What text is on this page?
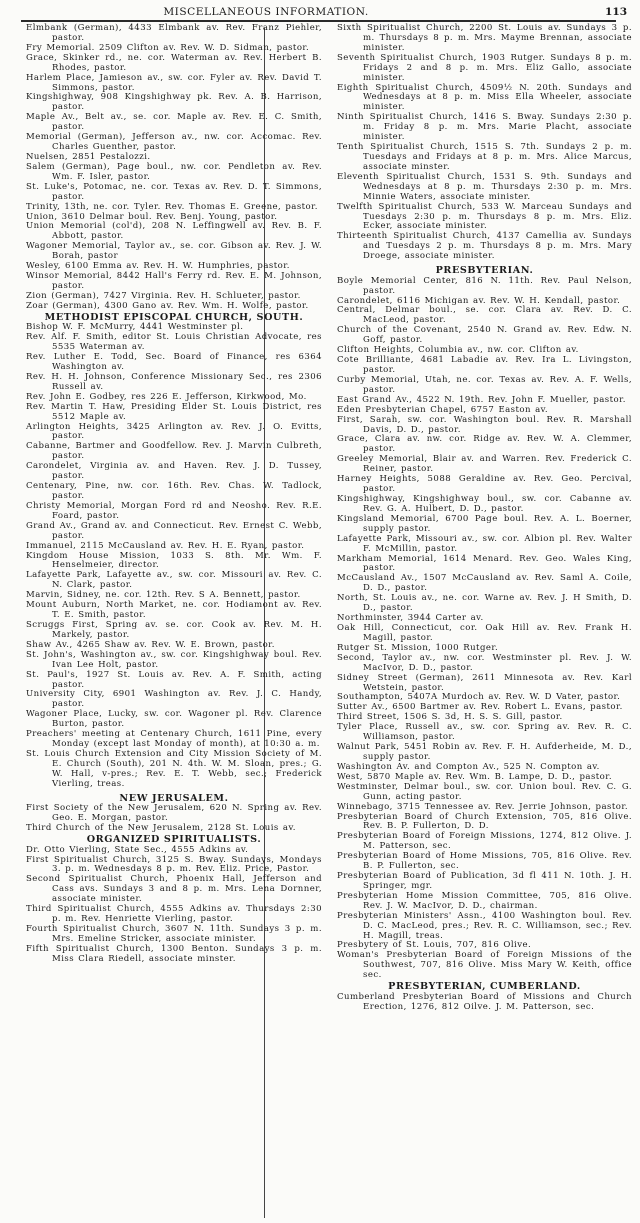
MISCELLANEOUS INFORMATION.	113

Elmbank (German), 4433 Elmbank av. Rev. Franz Piehler, pastor.

Fry Memorial. 2509 Clifton av. Rev. W. D. Sidman, pastor.

Grace, Skinker rd., ne. cor. Waterman av. Rev. Herbert B. Rhodes, pastor.

Harlem Place, Jamieson av., sw. cor. Fyler av. Rev. David T. Simmons, pastor.

Kingshighway, 908 Kingshighway pk. Rev. A. B. Harrison, pastor.

Maple Av., Belt av., se. cor. Maple av. Rev. E. C. Smith, pastor.

Memorial (German), Jefferson av., nw. cor. Accomac. Rev. Charles Guenther, pastor.

Nuelsen, 2851 Pestalozzi.

Salem (German), Page boul., nw. cor. Pendleton av. Rev. Wm. F. Isler, pastor.

St. Luke's, Potomac, ne. cor. Texas av. Rev. D. T. Simmons, pastor.

Trinity, 13th, ne. cor. Tyler. Rev. Thomas E. Greene, pastor.

Union, 3610 Delmar boul. Rev. Benj. Young, pastor.

Union Memorial (col'd), 208 N. Leffingwell av. Rev. B. F. Abbott, pastor.

Wagoner Memorial, Taylor av., se. cor. Gibson av. Rev. J. W. Borah, pastor

Wesley, 6100 Emma av. Rev. H. W. Humphries, pastor.

Winsor Memorial, 8442 Hall's Ferry rd. Rev. E. M. Johnson, pastor.

Zion (German), 7427 Virginia. Rev. H. Schlueter, pastor.

Zoar (German), 4300 Gano av. Rev. Wm. H. Wolfe, pastor.

METHODIST EPISCOPAL CHURCH, SOUTH.

Bishop W. F. McMurry, 4441 Westminster pl.

Rev. Alf. F. Smith, editor St. Louis Christian Advocate, res 5535 Waterman av.

Rev. Luther E. Todd, Sec. Board of Finance, res 6364 Washington av.

Rev. H. H. Johnson, Conference Missionary Sec., res 2306 Russell av.

Rev. John E. Godbey, res 226 E. Jefferson, Kirkwood, Mo.

Rev. Martin T. Haw, Presiding Elder St. Louis District, res 5512 Maple av.

Arlington Heights, 3425 Arlington av. Rev. J. O. Evitts, pastor.

Cabanne, Bartmer and Goodfellow. Rev. J. Marvin Culbreth, pastor.

Carondelet, Virginia av. and Haven. Rev. J. D. Tussey, pastor.

Centenary, Pine, nw. cor. 16th. Rev. Chas. W. Tadlock, pastor.

Christy Memorial, Morgan Ford rd and Neosho. Rev. R.E. Foard, pastor.

Grand Av., Grand av. and Connecticut. Rev. Ernest C. Webb, pastor.

Immanuel, 2115 McCausland av. Rev. H. E. Ryan, pastor.

Kingdom House Mission, 1033 S. 8th. Mr. Wm. F. Henselmeier, director.

Lafayette Park, Lafayette av., sw. cor. Missouri av. Rev. C. N. Clark, pastor.

Marvin, Sidney, ne. cor. 12th. Rev. S A. Bennett, pastor.

Mount Auburn, North Market, ne. cor. Hodiamont av. Rev. T. E. Smith, pastor.

Scruggs First, Spring av. se. cor. Cook av. Rev. M. H. Markely, pastor.

Shaw Av., 4265 Shaw av. Rev. W. E. Brown, pastor.

St. John's, Washington av., sw. cor. Kingshighway boul. Rev. Ivan Lee Holt, pastor.

St. Paul's, 1927 St. Louis av. Rev. A. F. Smith, acting pastor.

University City, 6901 Washington av. Rev. J. C. Handy, pastor.

Wagoner Place, Lucky, sw. cor. Wagoner pl. Rev. Clarence Burton, pastor.

Preachers' meeting at Centenary Church, 1611 Pine, every Monday (except last Monday of month), at 10:30 a. m.

St. Louis Church Extension and City Mission Society of M. E. Church (South), 201 N. 4th. W. M. Sloan, pres.; G. W. Hall, v-pres.; Rev. E. T. Webb, sec.; Frederick Vierling, treas.

NEW JERUSALEM.

First Society of the New Jerusalem, 620 N. Spring av. Rev. Geo. E. Morgan, pastor.

Third Church of the New Jerusalem, 2128 St. Louis av.

ORGANIZED SPIRITUALISTS.

Dr. Otto Vierling, State Sec., 4555 Adkins av.

First Spiritualist Church, 3125 S. Bway. Sundays, Mondays 3. p. m. Wednesdays 8 p. m. Rev. Eliz. Price, Pastor.

Second Spiritualist Church, Phoenix Hall, Jefferson and Cass avs. Sundays 3 and 8 p. m. Mrs. Lena Dornner, associate minister.

Third Spiritualist Church, 4555 Adkins av. Thursdays 2:30 p. m. Rev. Henriette Vierling, pastor.

Fourth Spiritualist Church, 3607 N. 11th. Sundays 3 p. m. Mrs. Emeline Stricker, associate minister.

Fifth Spiritualist Church, 1300 Benton. Sundays 3 p. m. Miss Clara Riedell, associate minster.

Sixth Spiritualist Church, 2200 St. Louis av. Sundays 3 p. m. Thursdays 8 p. m. Mrs. Mayme Brennan, associate minister.

Seventh Spiritualist Church, 1903 Rutger. Sundays 8 p. m. Fridays 2 and 8 p. m. Mrs. Eliz Gallo, associate minister.

Eighth Spiritualist Church, 4509½ N. 20th. Sundays and Wednesdays at 8 p. m. Miss Ella Wheeler, associate minister.

Ninth Spiritualist Church, 1416 S. Bway. Sundays 2:30 p. m. Friday 8 p. m. Mrs. Marie Placht, associate minister.

Tenth Spiritualist Church, 1515 S. 7th. Sundays 2 p. m. Tuesdays and Fridays at 8 p. m. Mrs. Alice Marcus, associate minster.

Eleventh Spiritualist Church, 1531 S. 9th. Sundays and Wednesdays at 8 p. m. Thursdays 2:30 p. m. Mrs. Minnie Waters, associate minister.

Twelfth Spiritualist Church, 533 W. Marceau Sundays and Tuesdays 2:30 p. m. Thursdays 8 p. m. Mrs. Eliz. Ecker, associate minister.

Thirteenth Spiritualist Church, 4137 Camellia av. Sundays and Tuesdays 2 p. m. Thursdays 8 p. m. Mrs. Mary Droege, associate minister.

PRESBYTERIAN.

Boyle Memorial Center, 816 N. 11th. Rev. Paul Nelson, pastor.

Carondelet, 6116 Michigan av. Rev. W. H. Kendall, pastor.

Central, Delmar boul., se. cor. Clara av. Rev. D. C. MacLeod, pastor.

Church of the Covenant, 2540 N. Grand av. Rev. Edw. N. Goff, pastor.

Clifton Heights, Columbia av., nw. cor. Clifton av.

Cote Brilliante, 4681 Labadie av. Rev. Ira L. Livingston, pastor.

Curby Memorial, Utah, ne. cor. Texas av. Rev. A. F. Wells, pastor.

East Grand Av., 4522 N. 19th. Rev. John F. Mueller, pastor.

Eden Presbyterian Chapel, 6757 Easton av.

First, Sarah, sw. cor. Washington boul. Rev. R. Marshall Davis, D. D., pastor.

Grace, Clara av. nw. cor. Ridge av. Rev. W. A. Clemmer, pastor.

Greeley Memorial, Blair av. and Warren. Rev. Frederick C. Reiner, pastor.

Harney Heights, 5088 Geraldine av. Rev. Geo. Percival, pastor.

Kingshighway, Kingshighway boul., sw. cor. Cabanne av. Rev. G. A. Hulbert, D. D., pastor.

Kingsland Memorial, 6700 Page boul. Rev. A. L. Boerner, supply pastor.

Lafayette Park, Missouri av., sw. cor. Albion pl. Rev. Walter F. McMillin, pastor.

Markham Memorial, 1614 Menard. Rev. Geo. Wales King, pastor.

McCausland Av., 1507 McCausland av. Rev. Saml A. Coile, D. D., pastor.

North, St. Louis av., ne. cor. Warne av. Rev. J. H Smith, D. D., pastor.

Northminster, 3944 Carter av.

Oak Hill, Connecticut, cor. Oak Hill av. Rev. Frank H. Magill, pastor.

Rutger St. Mission, 1000 Rutger.

Second, Taylor av., nw. cor. Westminster pl. Rev. J. W. MacIvor, D. D., pastor.

Sidney Street (German), 2611 Minnesota av. Rev. Karl Wetstein, pastor.

Southampton, 5407A Murdoch av. Rev. W. D Vater, pastor.

Sutter Av., 6500 Bartmer av. Rev. Robert L. Evans, pastor.

Third Street, 1506 S. 3d, H. S. S. Gill, pastor.

Tyler Place, Russell av., sw. cor. Spring av. Rev. R. C. Williamson, pastor.

Walnut Park, 5451 Robin av. Rev. F. H. Aufderheide, M. D., supply pastor.

Washington Av. and Compton Av., 525 N. Compton av.

West, 5870 Maple av. Rev. Wm. B. Lampe, D. D., pastor.

Westminster, Delmar boul., sw. cor. Union boul. Rev. C. G. Gunn, acting pastor.

Winnebago, 3715 Tennessee av. Rev. Jerrie Johnson, pastor.

Presbyterian Board of Church Extension, 705, 816 Olive. Rev. B. P. Fullerton, D. D.

Presbyterian Board of Foreign Missions, 1274, 812 Olive. J. M. Patterson, sec.

Presbyterian Board of Home Missions, 705, 816 Olive. Rev. B. P. Fullerton, sec.

Presbyterian Board of Publication, 3d fl 411 N. 10th. J. H. Springer, mgr.

Presbyterian Home Mission Committee, 705, 816 Olive. Rev. J. W. MacIvor, D. D., chairman.

Presbyterian Ministers' Assn., 4100 Washington boul. Rev. D. C. MacLeod, pres.; Rev. R. C. Williamson, sec.; Rev. H. Magill, treas.

Presbytery of St. Louis, 707, 816 Olive.

Woman's Presbyterian Board of Foreign Missions of the Southwest, 707, 816 Olive. Miss Mary W. Keith, office sec.

PRESBYTERIAN, CUMBERLAND.

Cumberland Presbyterian Board of Missions and Church Erection, 1276, 812 Oilve. J. M. Patterson, sec.
